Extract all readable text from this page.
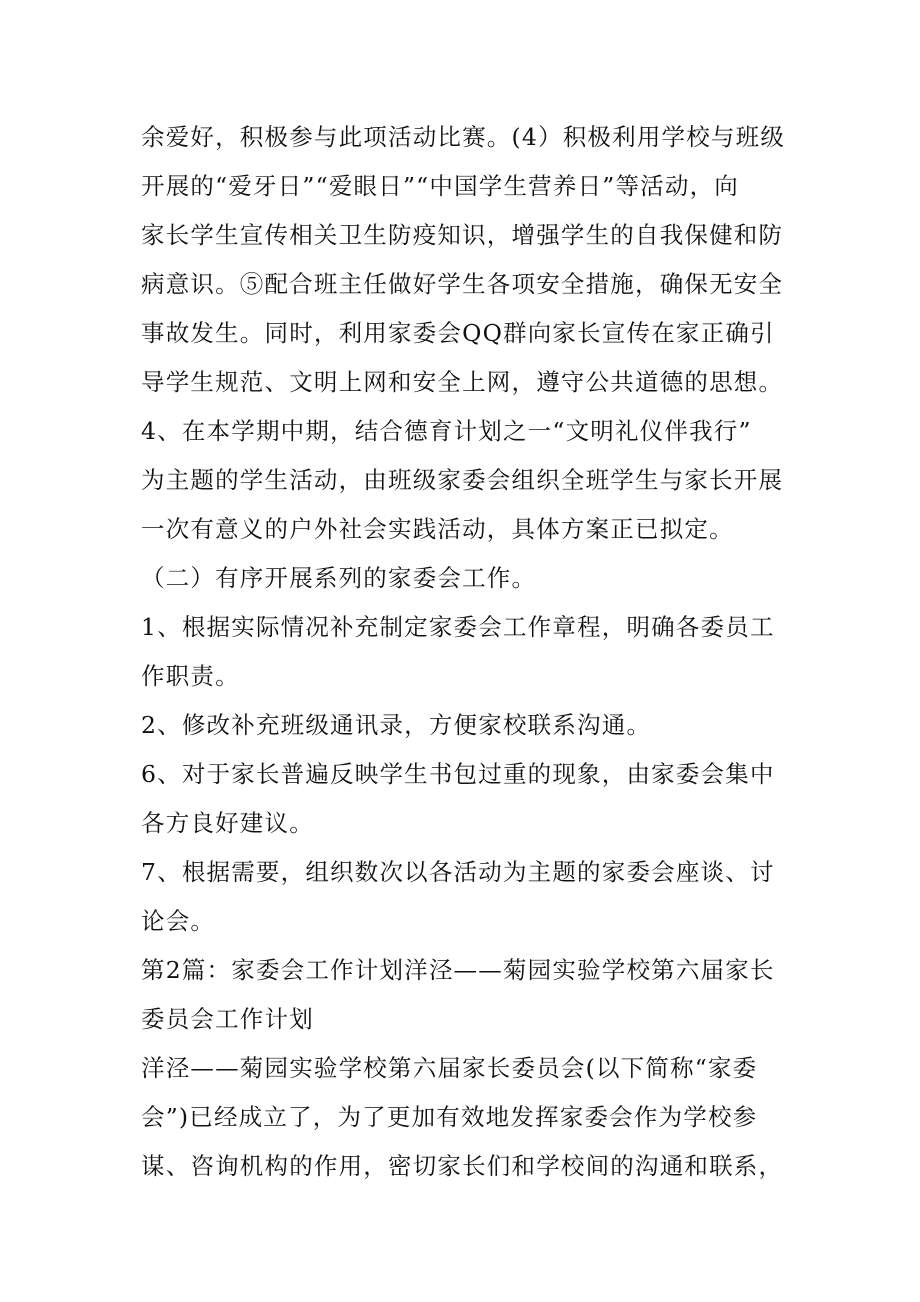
余爱好，积极参与此项活动比赛。(4）积极利用学校与班级
开展的“爱牙日”“爱眼日”“中国学生营养日”等活动，向
家长学生宣传相关卫生防疫知识，增强学生的自我保健和防
病意识。⑤配合班主任做好学生各项安全措施，确保无安全
事故发生。同时，利用家委会QQ群向家长宣传在家正确引
导学生规范、文明上网和安全上网，遵守公共道德的思想。
4、在本学期中期，结合德育计划之一“文明礼仪伴我行”
为主题的学生活动，由班级家委会组织全班学生与家长开展
一次有意义的户外社会实践活动，具体方案正已拟定。
（二）有序开展系列的家委会工作。
1、根据实际情况补充制定家委会工作章程，明确各委员工
作职责。
2、修改补充班级通讯录，方便家校联系沟通。
6、对于家长普遍反映学生书包过重的现象，由家委会集中
各方良好建议。
7、根据需要，组织数次以各活动为主题的家委会座谈、讨
论会。
第2篇：家委会工作计划洋泾——菊园实验学校第六届家长
委员会工作计划
洋泾——菊园实验学校第六届家长委员会(以下简称“家委
会”)已经成立了，为了更加有效地发挥家委会作为学校参
谋、咨询机构的作用，密切家长们和学校间的沟通和联系，
